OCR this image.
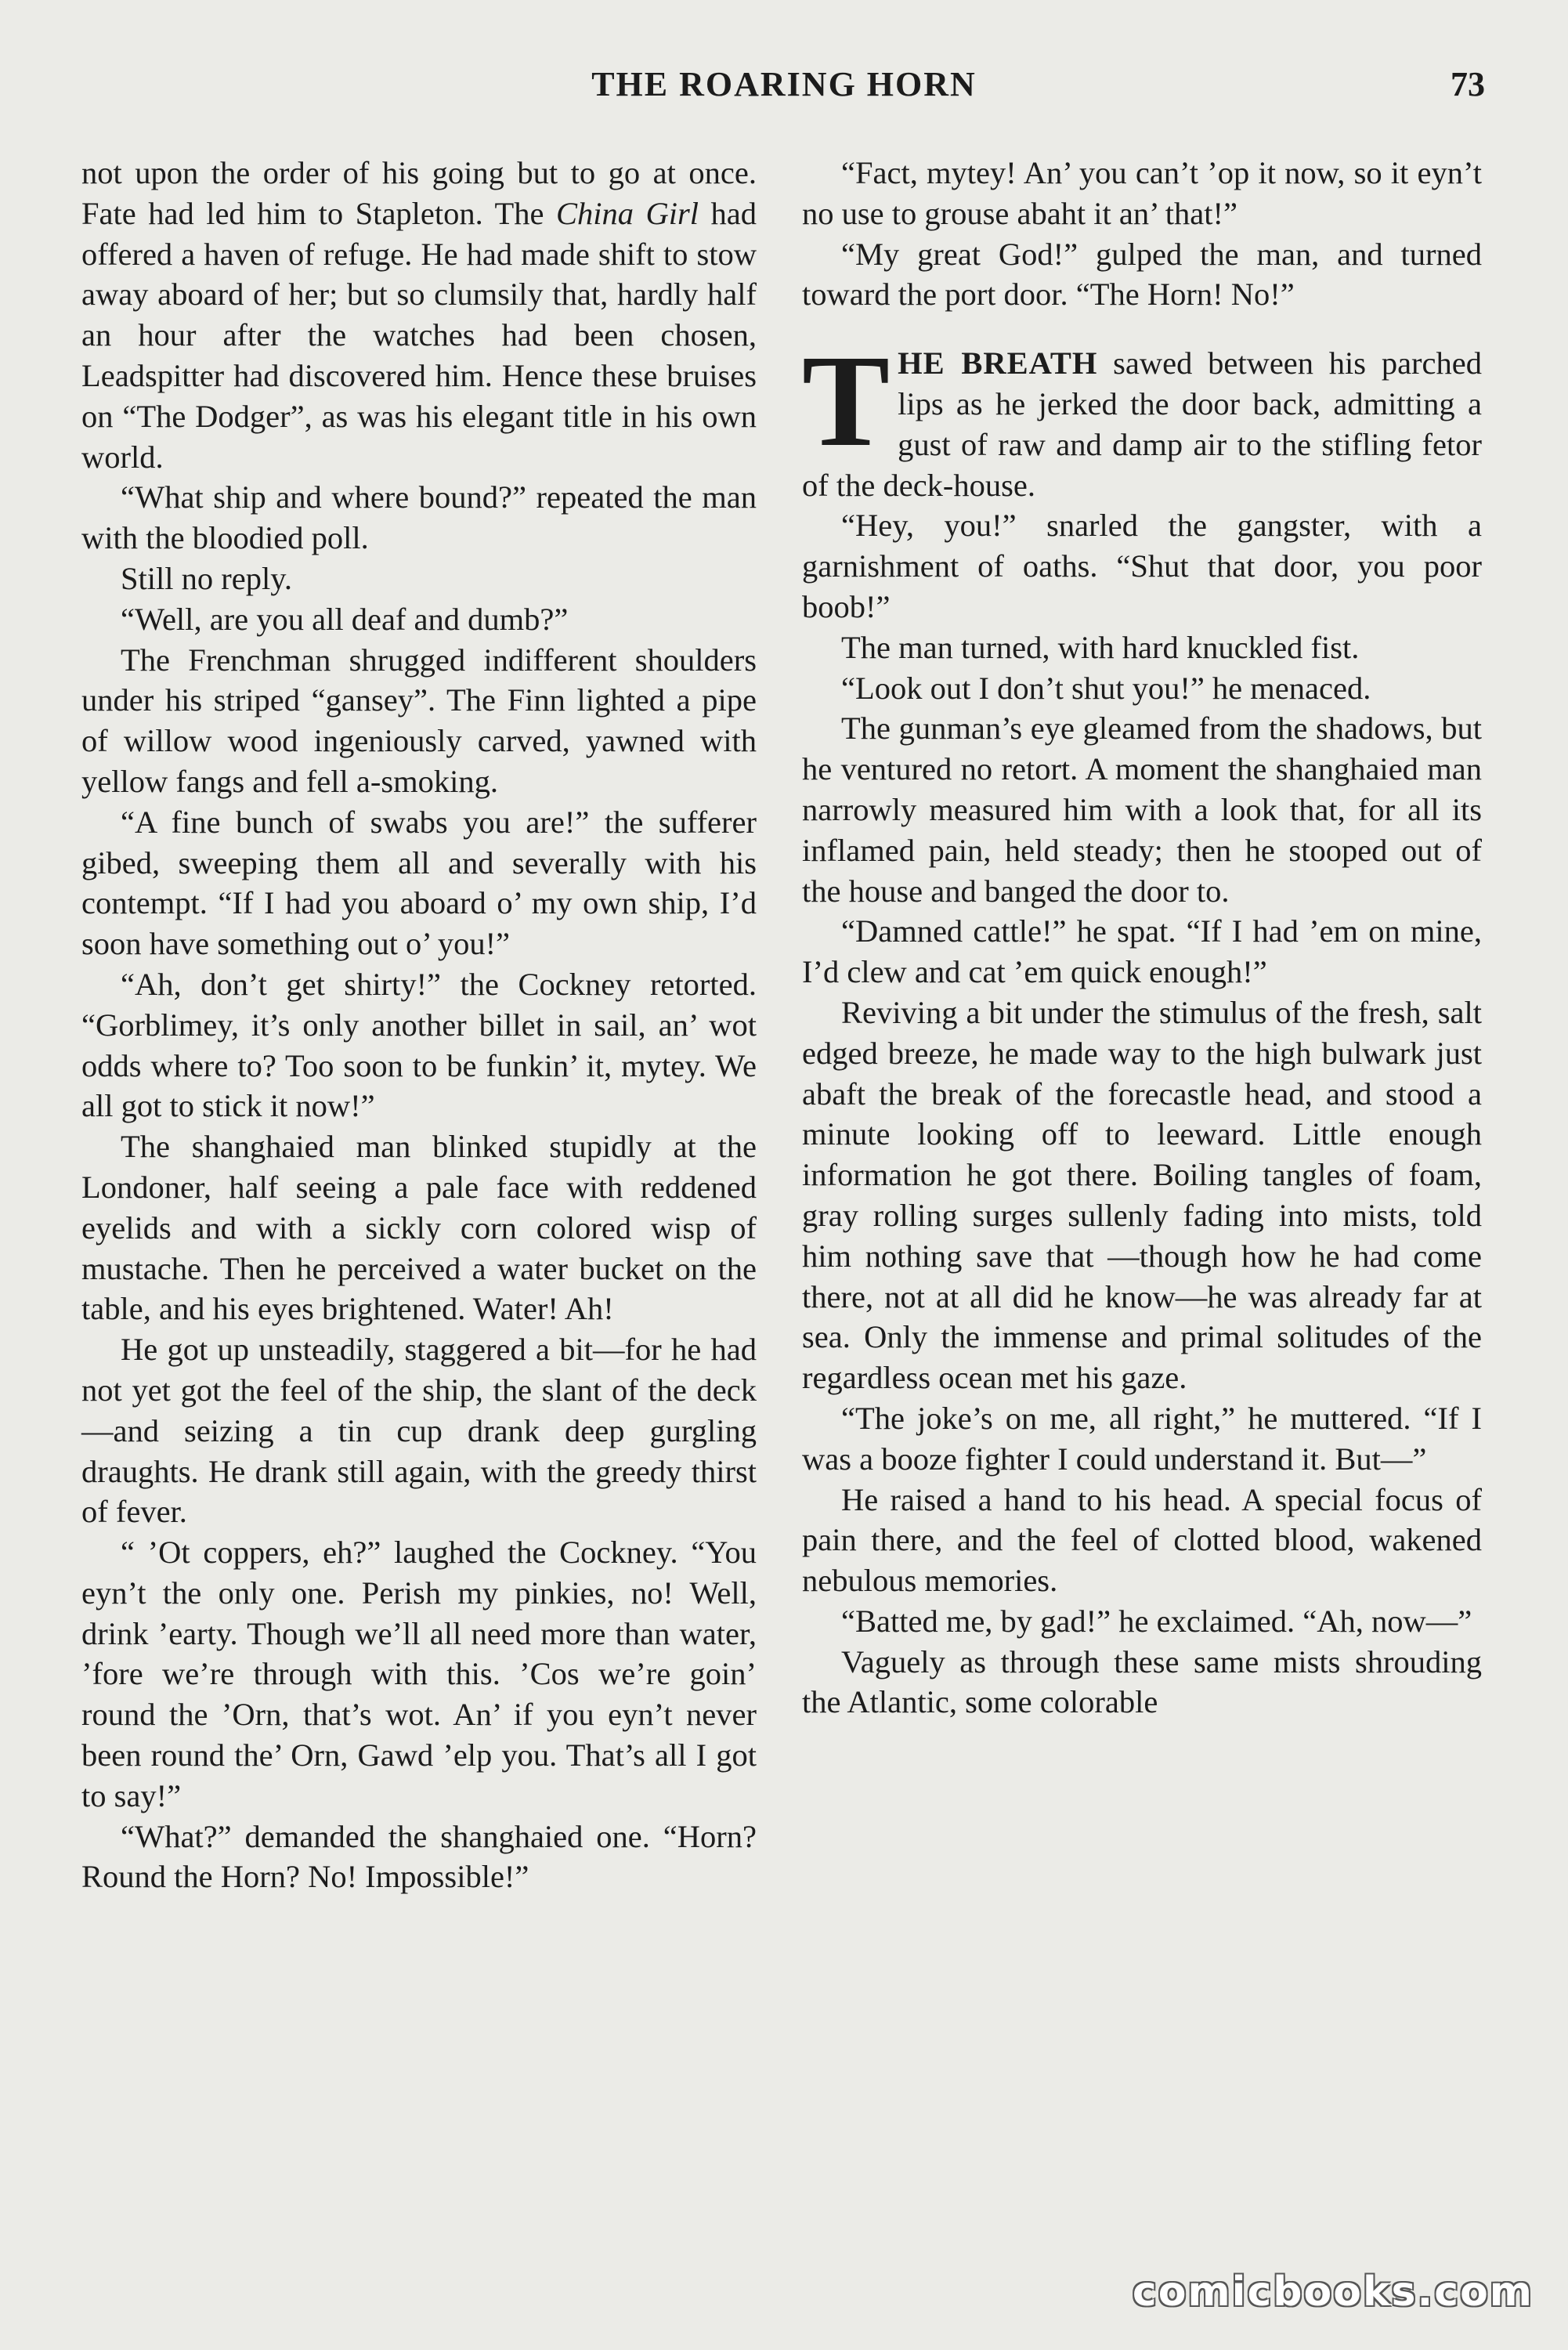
THE ROARING HORN	73

not upon the order of his going but to go at once. Fate had led him to Stapleton. The China Girl had offered a haven of refuge. He had made shift to stow away aboard of her; but so clumsily that, hardly half an hour after the watches had been chosen, Leadspitter had discovered him. Hence these bruises on “The Dodger”, as was his elegant title in his own world.

“What ship and where bound?” repeated the man with the bloodied poll.

Still no reply.

“Well, are you all deaf and dumb?”

The Frenchman shrugged indifferent shoulders under his striped “gansey”. The Finn lighted a pipe of willow wood ingeniously carved, yawned with yellow fangs and fell a-smoking.

“A fine bunch of swabs you are!” the sufferer gibed, sweeping them all and severally with his contempt. “If I had you aboard o’ my own ship, I’d soon have something out o’ you!”

“Ah, don’t get shirty!” the Cockney retorted. “Gorblimey, it’s only another billet in sail, an’ wot odds where to? Too soon to be funkin’ it, mytey. We all got to stick it now!”

The shanghaied man blinked stupidly at the Londoner, half seeing a pale face with reddened eyelids and with a sickly corn colored wisp of mustache. Then he perceived a water bucket on the table, and his eyes brightened. Water! Ah!

He got up unsteadily, staggered a bit—for he had not yet got the feel of the ship, the slant of the deck—and seizing a tin cup drank deep gurgling draughts. He drank still again, with the greedy thirst of fever.

“ ’Ot coppers, eh?” laughed the Cockney. “You eyn’t the only one. Perish my pinkies, no! Well, drink ’earty. Though we’ll all need more than water, ’fore we’re through with this. ’Cos we’re goin’ round the ’Orn, that’s wot. An’ if you eyn’t never been round the’ Orn, Gawd ’elp you. That’s all I got to say!”

“What?” demanded the shanghaied one. “Horn? Round the Horn? No! Impossible!”

“Fact, mytey! An’ you can’t ’op it now, so it eyn’t no use to grouse abaht it an’ that!”

“My great God!” gulped the man, and turned toward the port door. “The Horn! No!”

THE BREATH sawed between his parched lips as he jerked the door back, admitting a gust of raw and damp air to the stifling fetor of the deck-house.

“Hey, you!” snarled the gangster, with a garnishment of oaths. “Shut that door, you poor boob!”

The man turned, with hard knuckled fist.

“Look out I don’t shut you!” he menaced.

The gunman’s eye gleamed from the shadows, but he ventured no retort. A moment the shanghaied man narrowly measured him with a look that, for all its inflamed pain, held steady; then he stooped out of the house and banged the door to.

“Damned cattle!” he spat. “If I had ’em on mine, I’d clew and cat ’em quick enough!”

Reviving a bit under the stimulus of the fresh, salt edged breeze, he made way to the high bulwark just abaft the break of the forecastle head, and stood a minute looking off to leeward. Little enough information he got there. Boiling tangles of foam, gray rolling surges sullenly fading into mists, told him nothing save that —though how he had come there, not at all did he know—he was already far at sea. Only the immense and primal solitudes of the regardless ocean met his gaze.

“The joke’s on me, all right,” he muttered. “If I was a booze fighter I could understand it. But—”

He raised a hand to his head. A special focus of pain there, and the feel of clotted blood, wakened nebulous memories.

“Batted me, by gad!” he exclaimed. “Ah, now—”

Vaguely as through these same mists shrouding the Atlantic, some colorable

comicbooks.com
